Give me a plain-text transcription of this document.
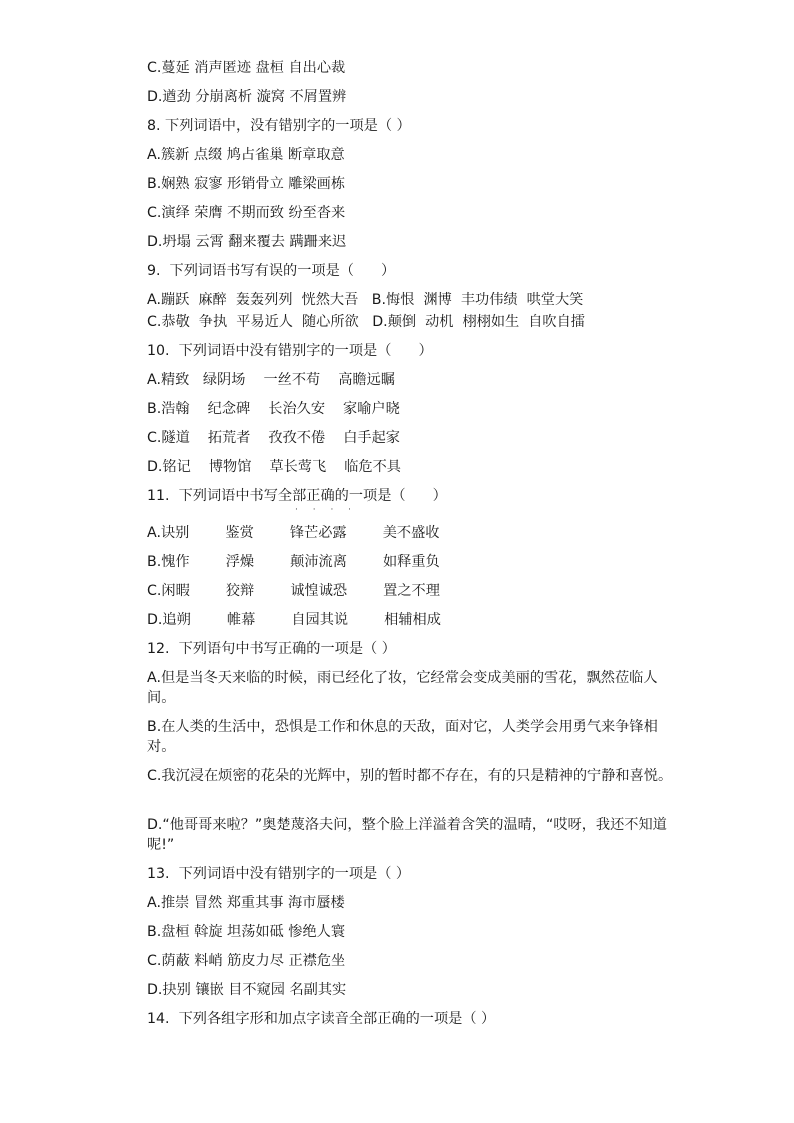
C.蔓延 消声匿迹 盘桓 自出心裁

D.遒劲 分崩离析 漩窝 不屑置辨

8. 下列词语中，没有错别字的一项是（ ）

A.簇新 点缀 鸠占雀巢 断章取意

B.娴熟 寂寥 形销骨立 雕梁画栋

C.演绎 荣膺 不期而致 纷至沓来

D.坍塌 云霄 翻来覆去 蹒跚来迟

9.  下列词语书写有误的一项是（      ）

A.蹦跃  麻醉  轰轰列列  恍然大吾   B.悔恨  渊博  丰功伟绩  哄堂大笑

C.恭敬  争执  平易近人  随心所欲   D.颠倒  动机  栩栩如生  自吹自擂

10.  下列词语中没有错别字的一项是（      ）

A.精致   绿阴场    一丝不苟    高瞻远瞩

B.浩翰    纪念碑    长治久安    家喻户晓

C.隧道    拓荒者    孜孜不倦    白手起家

D.铭记    博物馆    草长莺飞    临危不具

11.  下列词语中书写全部正确的一项是（      ）

· · · ·

A.诀别        鉴赏        锋芒必露        美不盛收

B.愧作        浮燥        颠沛流离        如释重负

C.闲暇        狡辩        诚惶诚恐        置之不理

D.追朔        帷幕        自园其说        相辅相成

12.  下列语句中书写正确的一项是（ ）

A.但是当冬天来临的时候，雨已经化了妆，它经常会变成美丽的雪花，飘然莅临人间。

B.在人类的生活中，恐惧是工作和休息的天敌，面对它，人类学会用勇气来争锋相对。

C.我沉浸在烦密的花朵的光辉中，别的暂时都不存在，有的只是精神的宁静和喜悦。

D.“他哥哥来啦？”奥楚蔑洛夫问，整个脸上洋溢着含笑的温晴，“哎呀，我还不知道呢!”

13.  下列词语中没有错别字的一项是（ ）

A.推崇 冒然 郑重其事 海市蜃楼

B.盘桓 斡旋 坦荡如砥 惨绝人寰

C.荫蔽 料峭 筋皮力尽 正襟危坐

D.抉别 镶嵌 目不窥园 名副其实

14.  下列各组字形和加点字读音全部正确的一项是（ ）
